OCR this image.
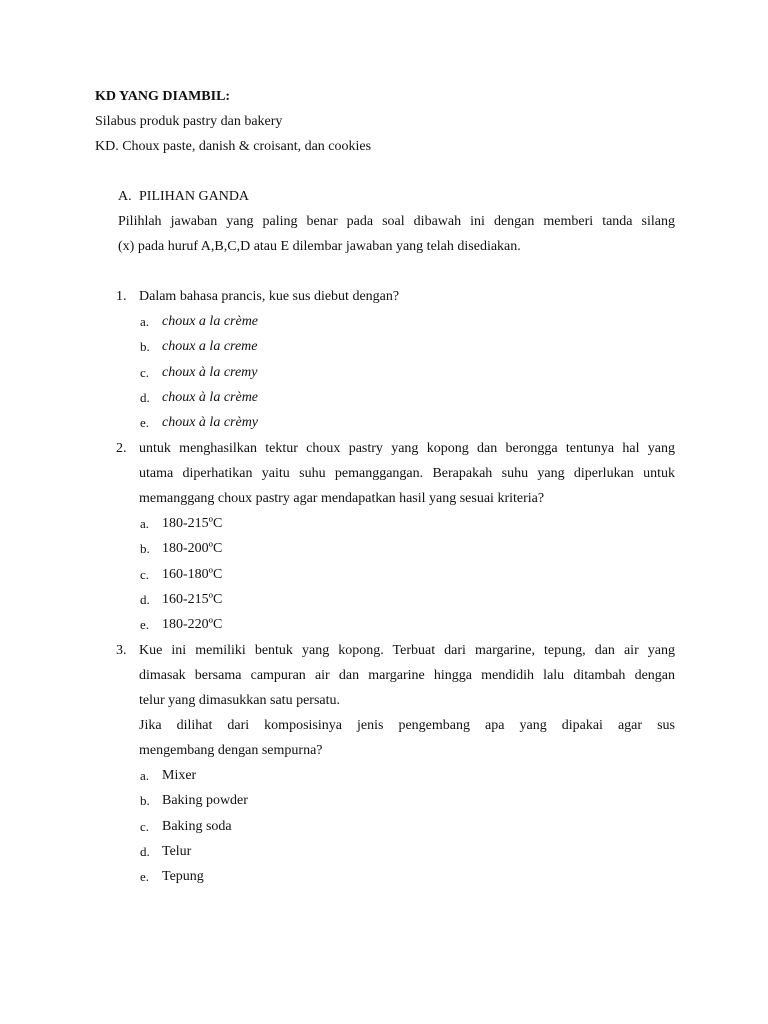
KD YANG DIAMBIL:
Silabus produk pastry dan bakery
KD. Choux paste, danish & croisant, dan cookies
A. PILIHAN GANDA
Pilihlah jawaban yang paling benar pada soal dibawah ini dengan memberi tanda silang
(x) pada huruf A,B,C,D atau E dilembar jawaban yang telah disediakan.
1. Dalam bahasa prancis, kue sus diebut dengan?
a. choux a la crème
b. choux a la creme
c. choux à la cremy
d. choux à la crème
e. choux à la crèmy
2. untuk menghasilkan tektur choux pastry yang kopong dan berongga tentunya hal yang
utama diperhatikan yaitu suhu pemanggangan. Berapakah suhu yang diperlukan untuk
memanggang choux pastry agar mendapatkan hasil yang sesuai kriteria?
a. 180-215ºC
b. 180-200ºC
c. 160-180ºC
d. 160-215ºC
e. 180-220ºC
3. Kue ini memiliki bentuk yang kopong. Terbuat dari margarine, tepung, dan air yang
dimasak bersama campuran air dan margarine hingga mendidih lalu ditambah dengan
telur yang dimasukkan satu persatu.
Jika dilihat dari komposisinya jenis pengembang apa yang dipakai agar sus
mengembang dengan sempurna?
a. Mixer
b. Baking powder
c. Baking soda
d. Telur
e. Tepung
